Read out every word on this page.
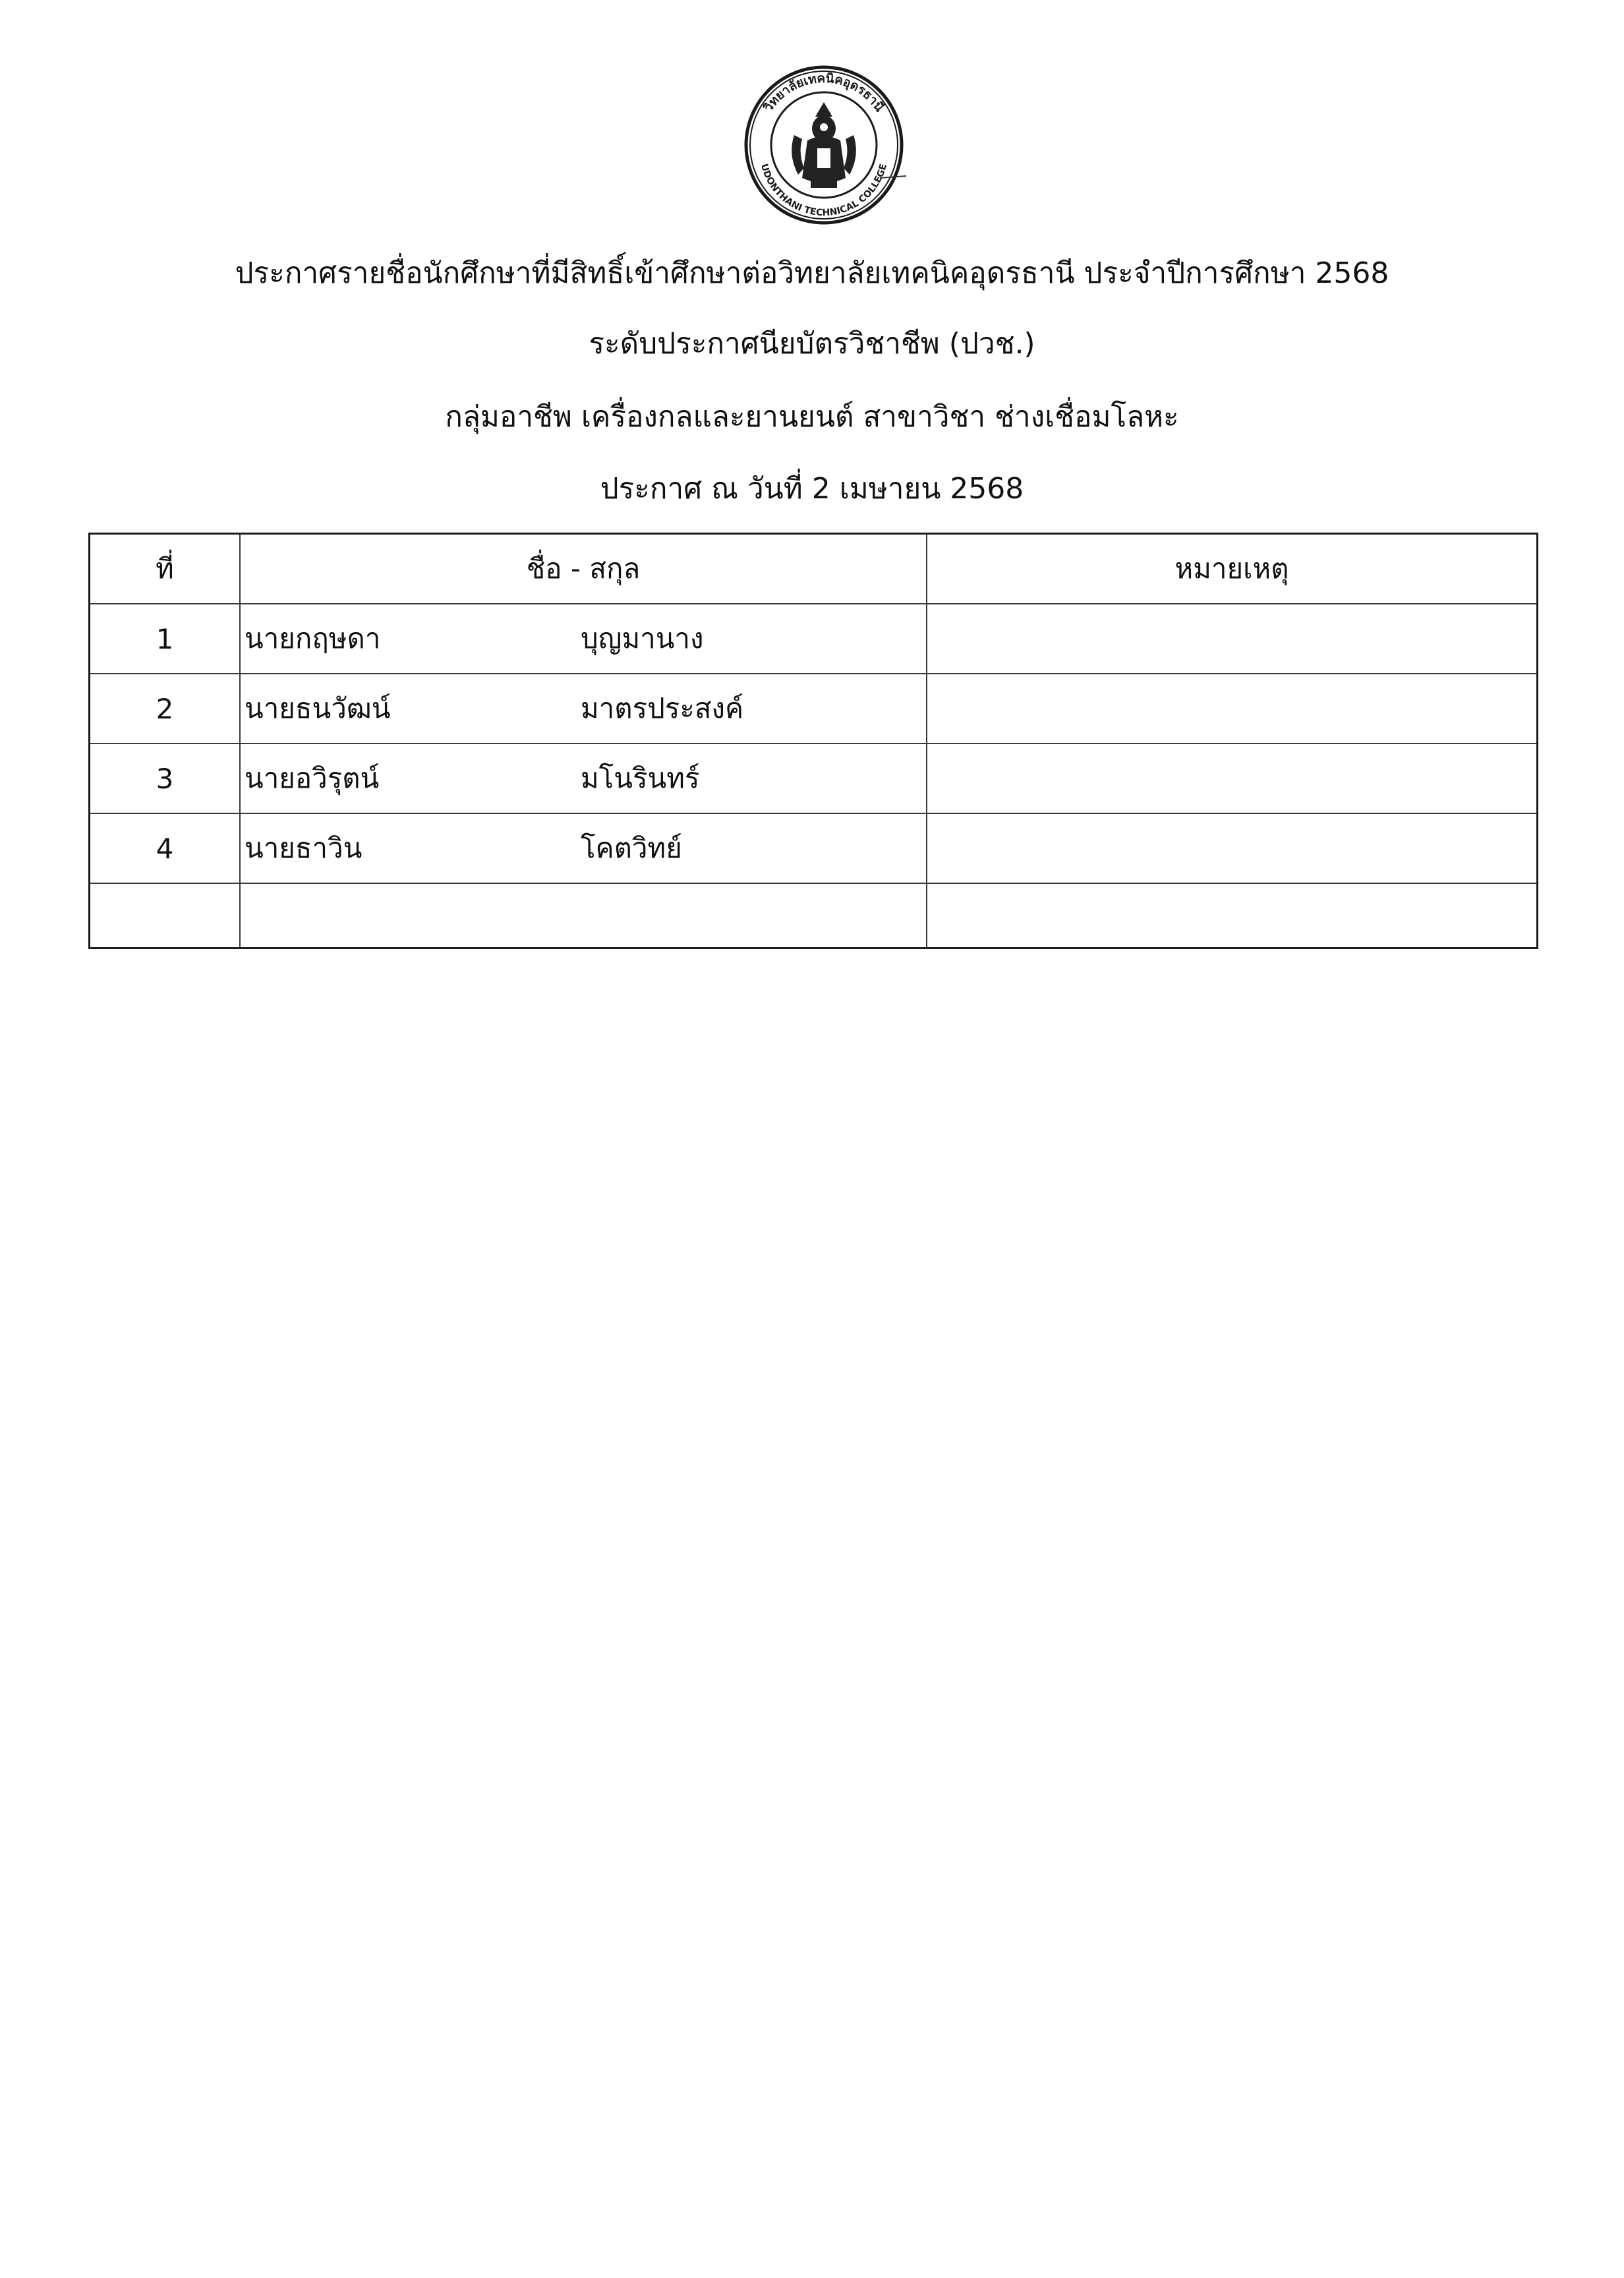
วิทยาลัยเทคนิคอุดรธานี
UDONTHANI TECHNICAL COLLEGE
ประกาศรายชื่อนักศึกษาที่มีสิทธิ์เข้าศึกษาต่อวิทยาลัยเทคนิคอุดรธานี ประจำปีการศึกษา 2568
ระดับประกาศนียบัตรวิชาชีพ (ปวช.)
กลุ่มอาชีพ เครื่องกลและยานยนต์ สาขาวิชา ช่างเชื่อมโลหะ
ประกาศ ณ วันที่ 2 เมษายน 2568
ที่	ชื่อ - สกุล	หมายเหตุ
1	นายกฤษดา บุญมานาง	
2	นายธนวัฒน์ มาตรประสงค์	
3	นายอวิรุตน์ มโนรินทร์	
4	นายธาวิน โคตวิทย์	
